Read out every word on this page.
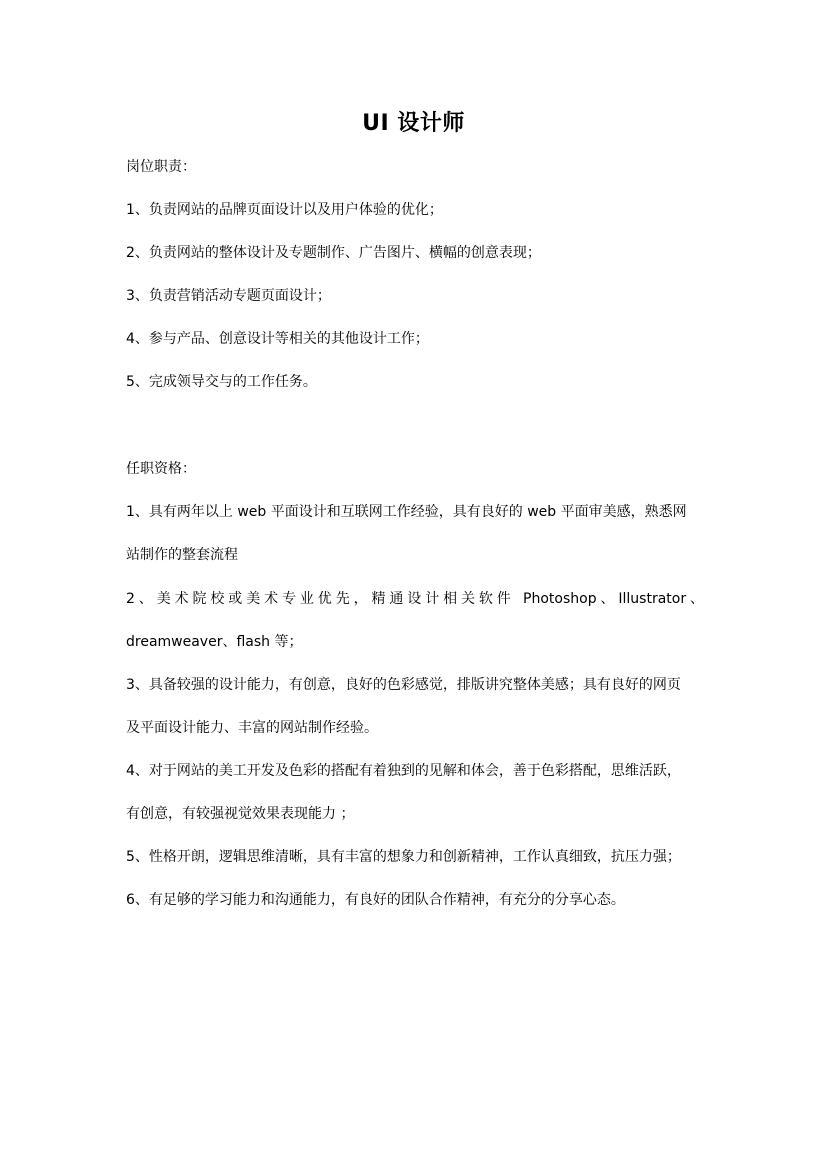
UI 设计师
岗位职责：
1、负责网站的品牌页面设计以及用户体验的优化；
2、负责网站的整体设计及专题制作、广告图片、横幅的创意表现；
3、负责营销活动专题页面设计；
4、参与产品、创意设计等相关的其他设计工作；
5、完成领导交与的工作任务。
任职资格：
1、具有两年以上 web 平面设计和互联网工作经验，具有良好的 web 平面审美感，熟悉网
站制作的整套流程
2、美术院校或美术专业优先，精通设计相关软件 Photoshop、Illustrator、
dreamweaver、flash 等；
3、具备较强的设计能力，有创意，良好的色彩感觉，排版讲究整体美感；具有良好的网页
及平面设计能力、丰富的网站制作经验。
4、对于网站的美工开发及色彩的搭配有着独到的见解和体会，善于色彩搭配，思维活跃，
有创意，有较强视觉效果表现能力 ；
5、性格开朗，逻辑思维清晰，具有丰富的想象力和创新精神，工作认真细致，抗压力强；
6、有足够的学习能力和沟通能力，有良好的团队合作精神，有充分的分享心态。
